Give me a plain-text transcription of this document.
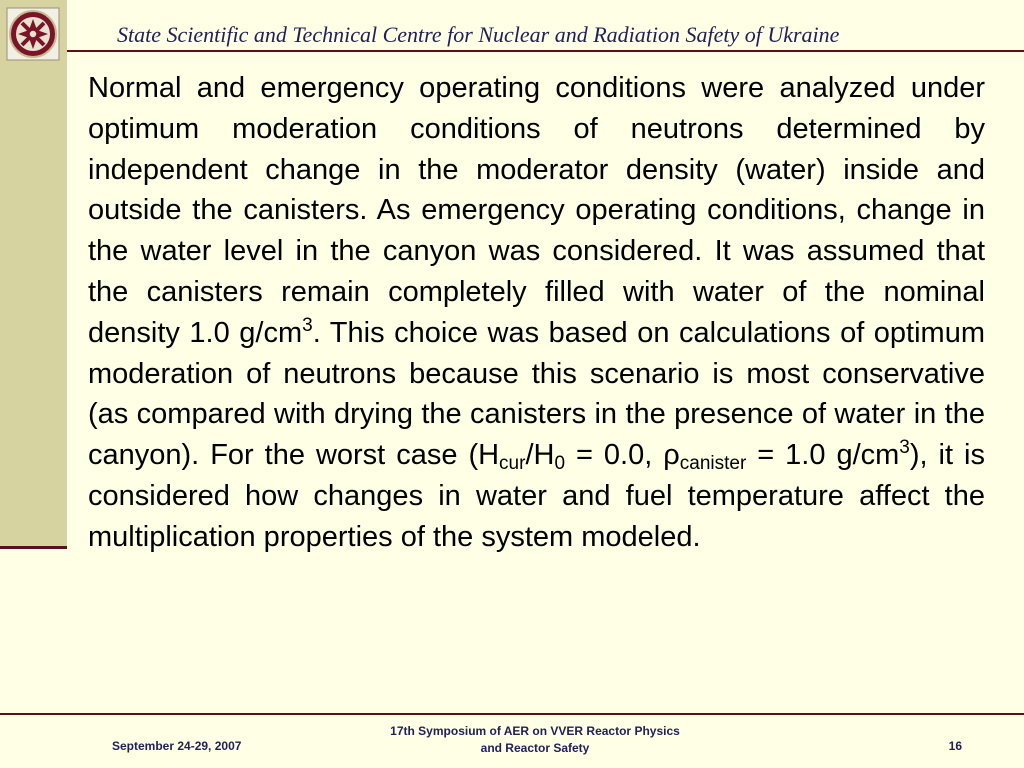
State Scientific and Technical Centre for Nuclear and Radiation Safety of Ukraine

Normal and emergency operating conditions were analyzed under optimum moderation conditions of neutrons determined by independent change in the moderator density (water) inside and outside the canisters. As emergency operating conditions, change in the water level in the canyon was considered. It was assumed that the canisters remain completely filled with water of the nominal density 1.0 $g/cm^3$. This choice was based on calculations of optimum moderation of neutrons because this scenario is most conservative (as compared with drying the canisters in the presence of water in the canyon). For the worst case ($H_{cur}/H_0 = 0.0$, $\rho_{canister} = 1.0$ $g/cm^3$), it is considered how changes in water and fuel temperature affect the multiplication properties of the system modeled.

September 24-29, 2007
17th Symposium of AER on VVER Reactor Physics
and Reactor Safety	16
